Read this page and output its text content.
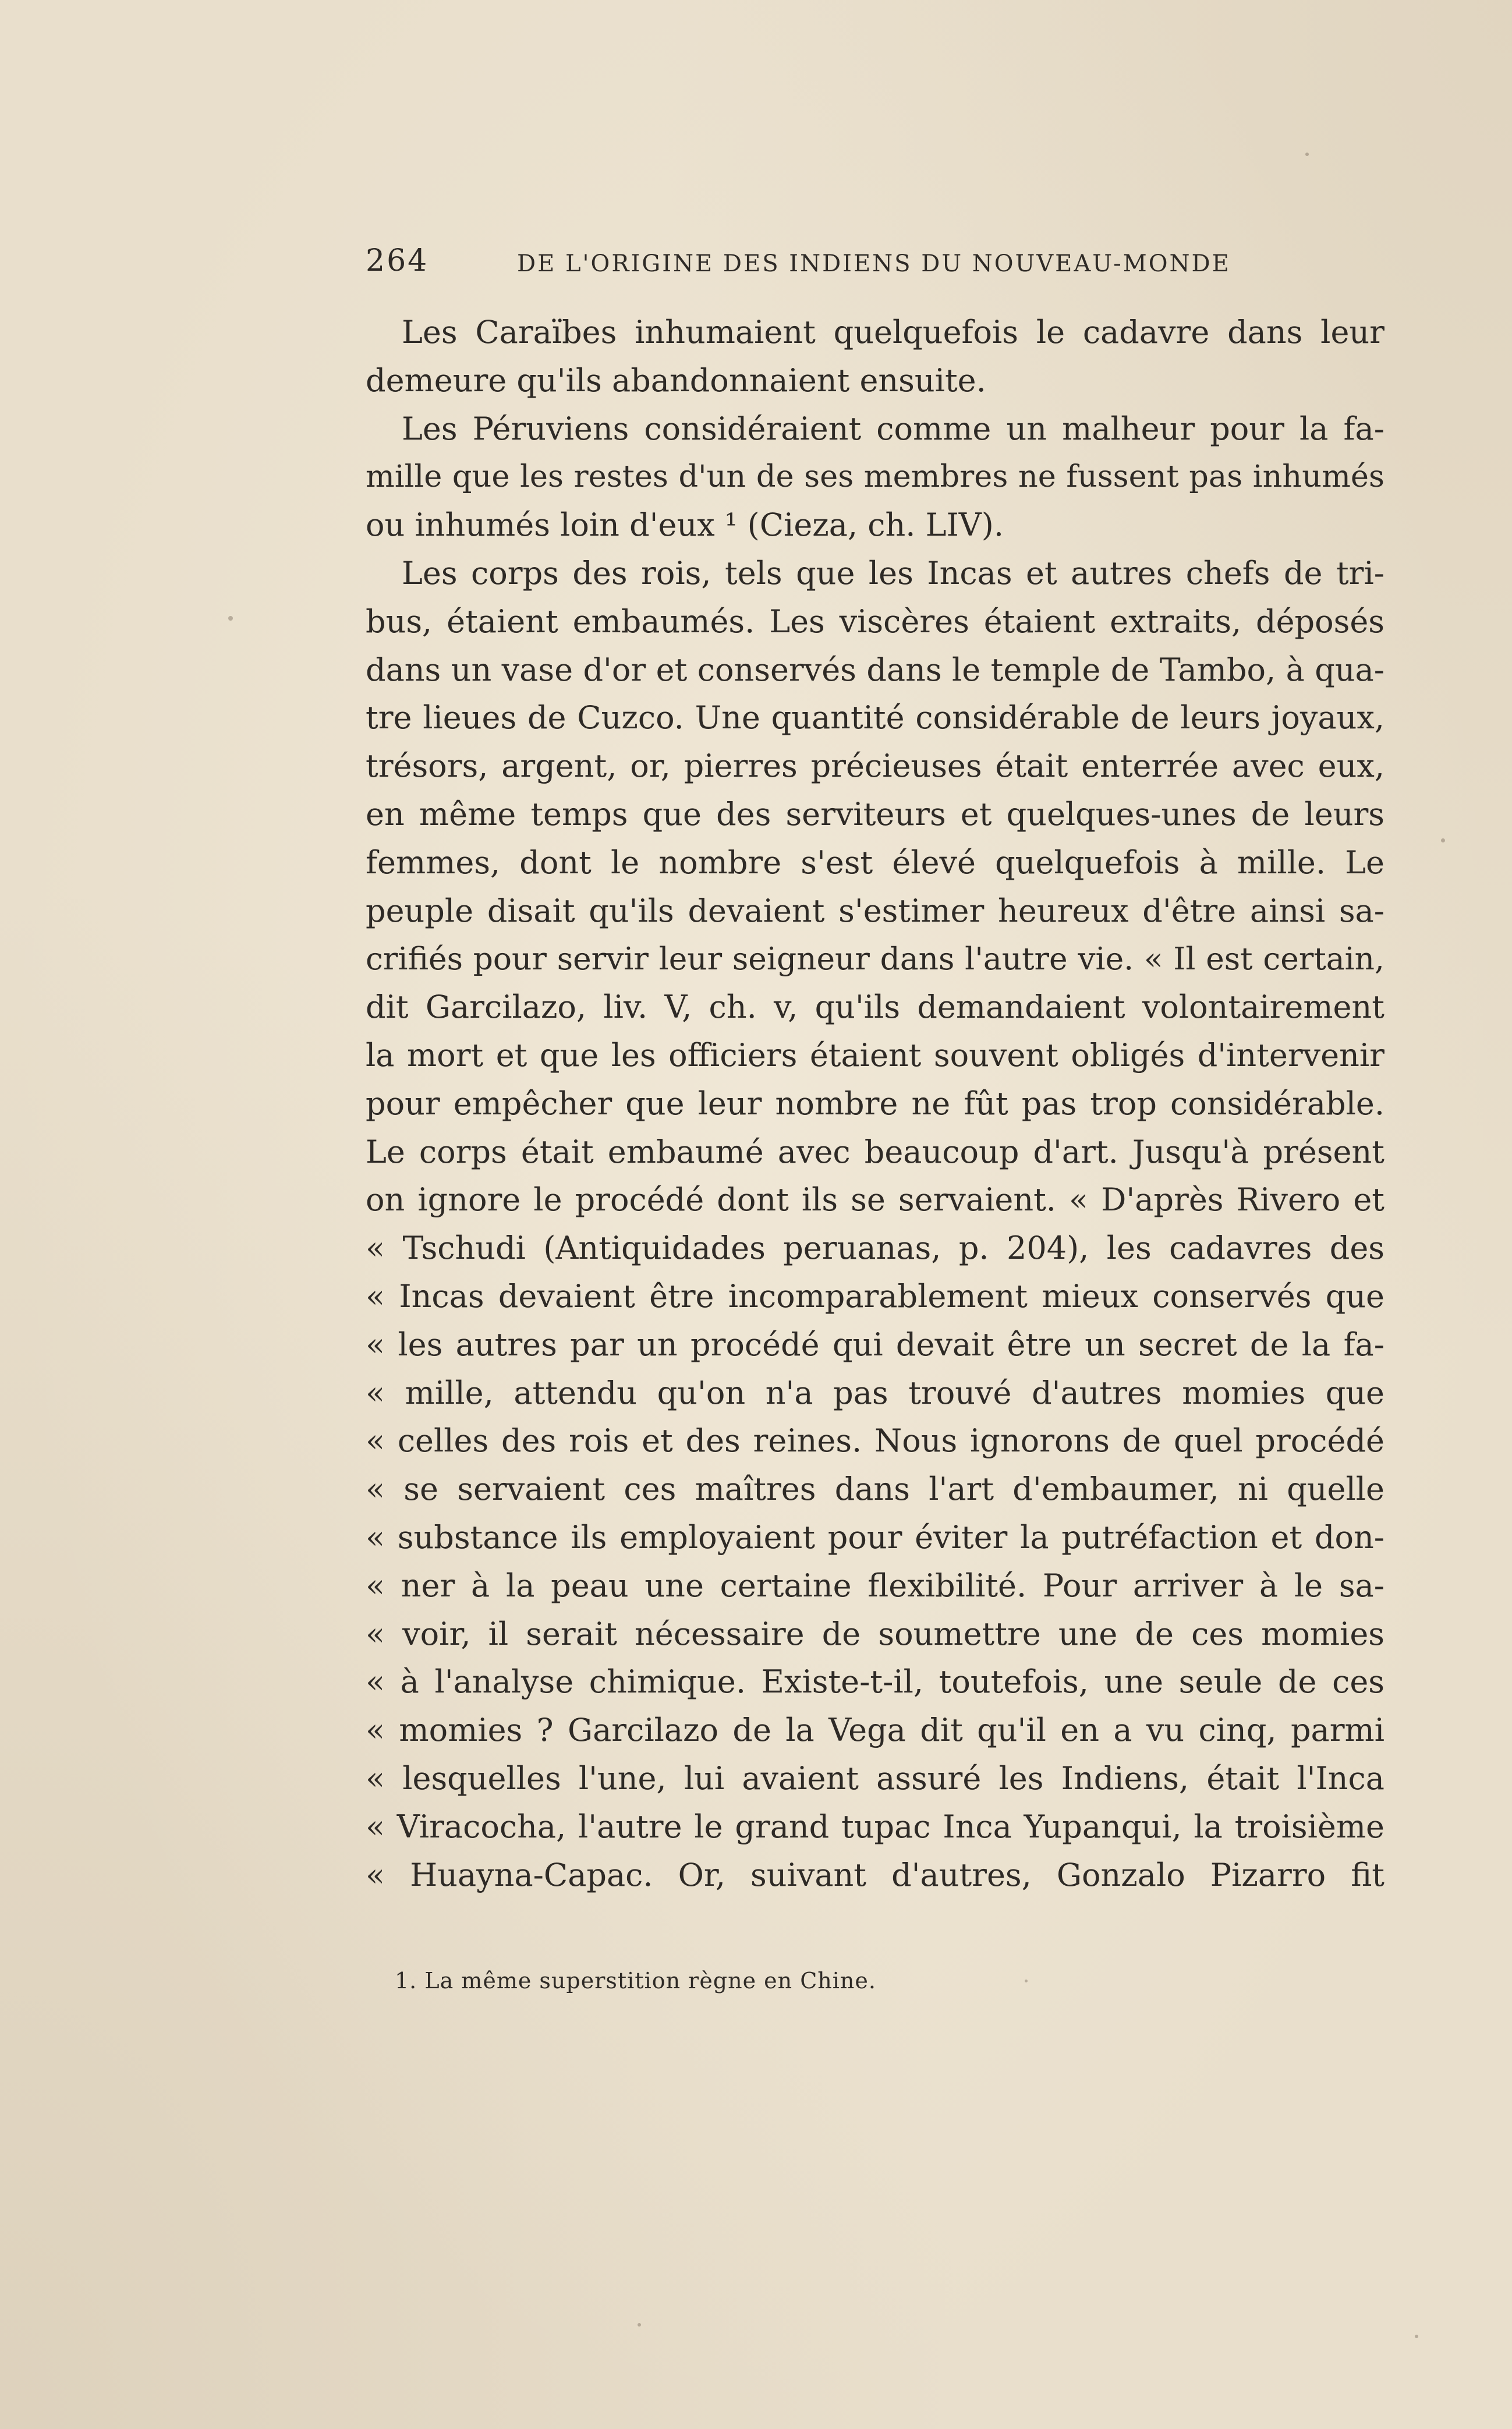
264	DE L'ORIGINE DES INDIENS DU NOUVEAU-MONDE
Les Caraïbes inhumaient quelquefois le cadavre dans leur
demeure qu'ils abandonnaient ensuite.
Les Péruviens considéraient comme un malheur pour la fa-
mille que les restes d'un de ses membres ne fussent pas inhumés
ou inhumés loin d'eux ¹ (Cieza, ch. LIV).
Les corps des rois, tels que les Incas et autres chefs de tri-
bus, étaient embaumés. Les viscères étaient extraits, déposés
dans un vase d'or et conservés dans le temple de Tambo, à qua-
tre lieues de Cuzco. Une quantité considérable de leurs joyaux,
trésors, argent, or, pierres précieuses était enterrée avec eux,
en même temps que des serviteurs et quelques-unes de leurs
femmes, dont le nombre s'est élevé quelquefois à mille. Le
peuple disait qu'ils devaient s'estimer heureux d'être ainsi sa-
crifiés pour servir leur seigneur dans l'autre vie. « Il est certain,
dit Garcilazo, liv. V, ch. v, qu'ils demandaient volontairement
la mort et que les officiers étaient souvent obligés d'intervenir
pour empêcher que leur nombre ne fût pas trop considérable.
Le corps était embaumé avec beaucoup d'art. Jusqu'à présent
on ignore le procédé dont ils se servaient. « D'après Rivero et
« Tschudi (Antiquidades peruanas, p. 204), les cadavres des
« Incas devaient être incomparablement mieux conservés que
« les autres par un procédé qui devait être un secret de la fa-
« mille, attendu qu'on n'a pas trouvé d'autres momies que
« celles des rois et des reines. Nous ignorons de quel procédé
« se servaient ces maîtres dans l'art d'embaumer, ni quelle
« substance ils employaient pour éviter la putréfaction et don-
« ner à la peau une certaine flexibilité. Pour arriver à le sa-
« voir, il serait nécessaire de soumettre une de ces momies
« à l'analyse chimique. Existe-t-il, toutefois, une seule de ces
« momies ? Garcilazo de la Vega dit qu'il en a vu cinq, parmi
« lesquelles l'une, lui avaient assuré les Indiens, était l'Inca
« Viracocha, l'autre le grand tupac Inca Yupanqui, la troisième
« Huayna-Capac. Or, suivant d'autres, Gonzalo Pizarro fit
1. La même superstition règne en Chine.
